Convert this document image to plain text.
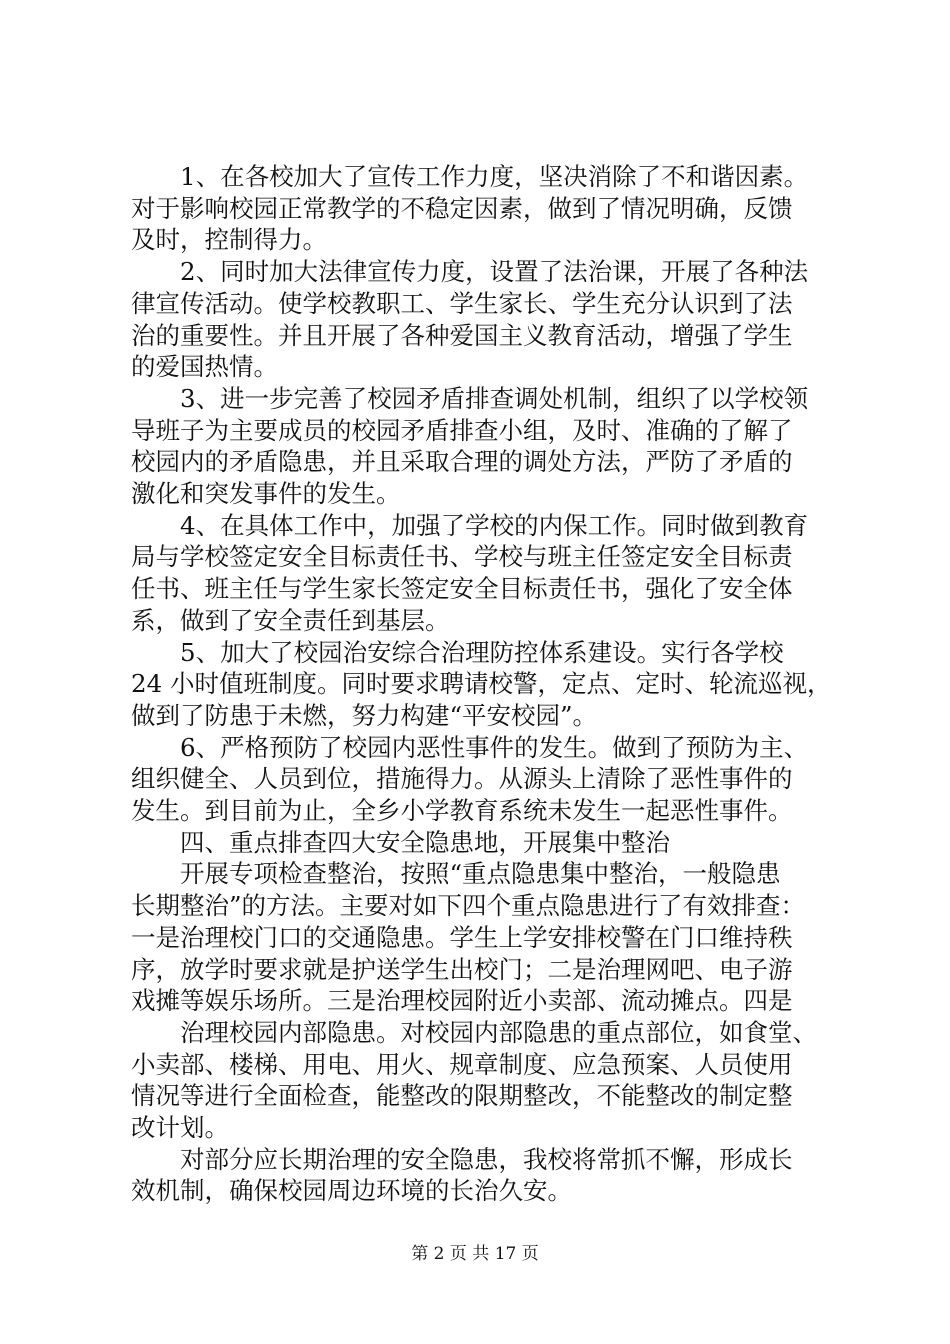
　　1、在各校加大了宣传工作力度，坚决消除了不和谐因素。
对于影响校园正常教学的不稳定因素，做到了情况明确，反馈
及时，控制得力。
　　2、同时加大法律宣传力度，设置了法治课，开展了各种法
律宣传活动。使学校教职工、学生家长、学生充分认识到了法
治的重要性。并且开展了各种爱国主义教育活动，增强了学生
的爱国热情。
　　3、进一步完善了校园矛盾排查调处机制，组织了以学校领
导班子为主要成员的校园矛盾排查小组，及时、准确的了解了
校园内的矛盾隐患，并且采取合理的调处方法，严防了矛盾的
激化和突发事件的发生。
　　4、在具体工作中，加强了学校的内保工作。同时做到教育
局与学校签定安全目标责任书、学校与班主任签定安全目标责
任书、班主任与学生家长签定安全目标责任书，强化了安全体
系，做到了安全责任到基层。
　　5、加大了校园治安综合治理防控体系建设。实行各学校
24 小时值班制度。同时要求聘请校警，定点、定时、轮流巡视，
做到了防患于未燃，努力构建“平安校园”。
　　6、严格预防了校园内恶性事件的发生。做到了预防为主、
组织健全、人员到位，措施得力。从源头上清除了恶性事件的
发生。到目前为止，全乡小学教育系统未发生一起恶性事件。
　　四、重点排查四大安全隐患地，开展集中整治
　　开展专项检查整治，按照“重点隐患集中整治，一般隐患
长期整治”的方法。主要对如下四个重点隐患进行了有效排查：
一是治理校门口的交通隐患。学生上学安排校警在门口维持秩
序，放学时要求就是护送学生出校门；二是治理网吧、电子游
戏摊等娱乐场所。三是治理校园附近小卖部、流动摊点。四是
　　治理校园内部隐患。对校园内部隐患的重点部位，如食堂、
小卖部、楼梯、用电、用火、规章制度、应急预案、人员使用
情况等进行全面检查，能整改的限期整改，不能整改的制定整
改计划。
第 2 页 共 17 页
　　对部分应长期治理的安全隐患，我校将常抓不懈，形成长
效机制，确保校园周边环境的长治久安。
